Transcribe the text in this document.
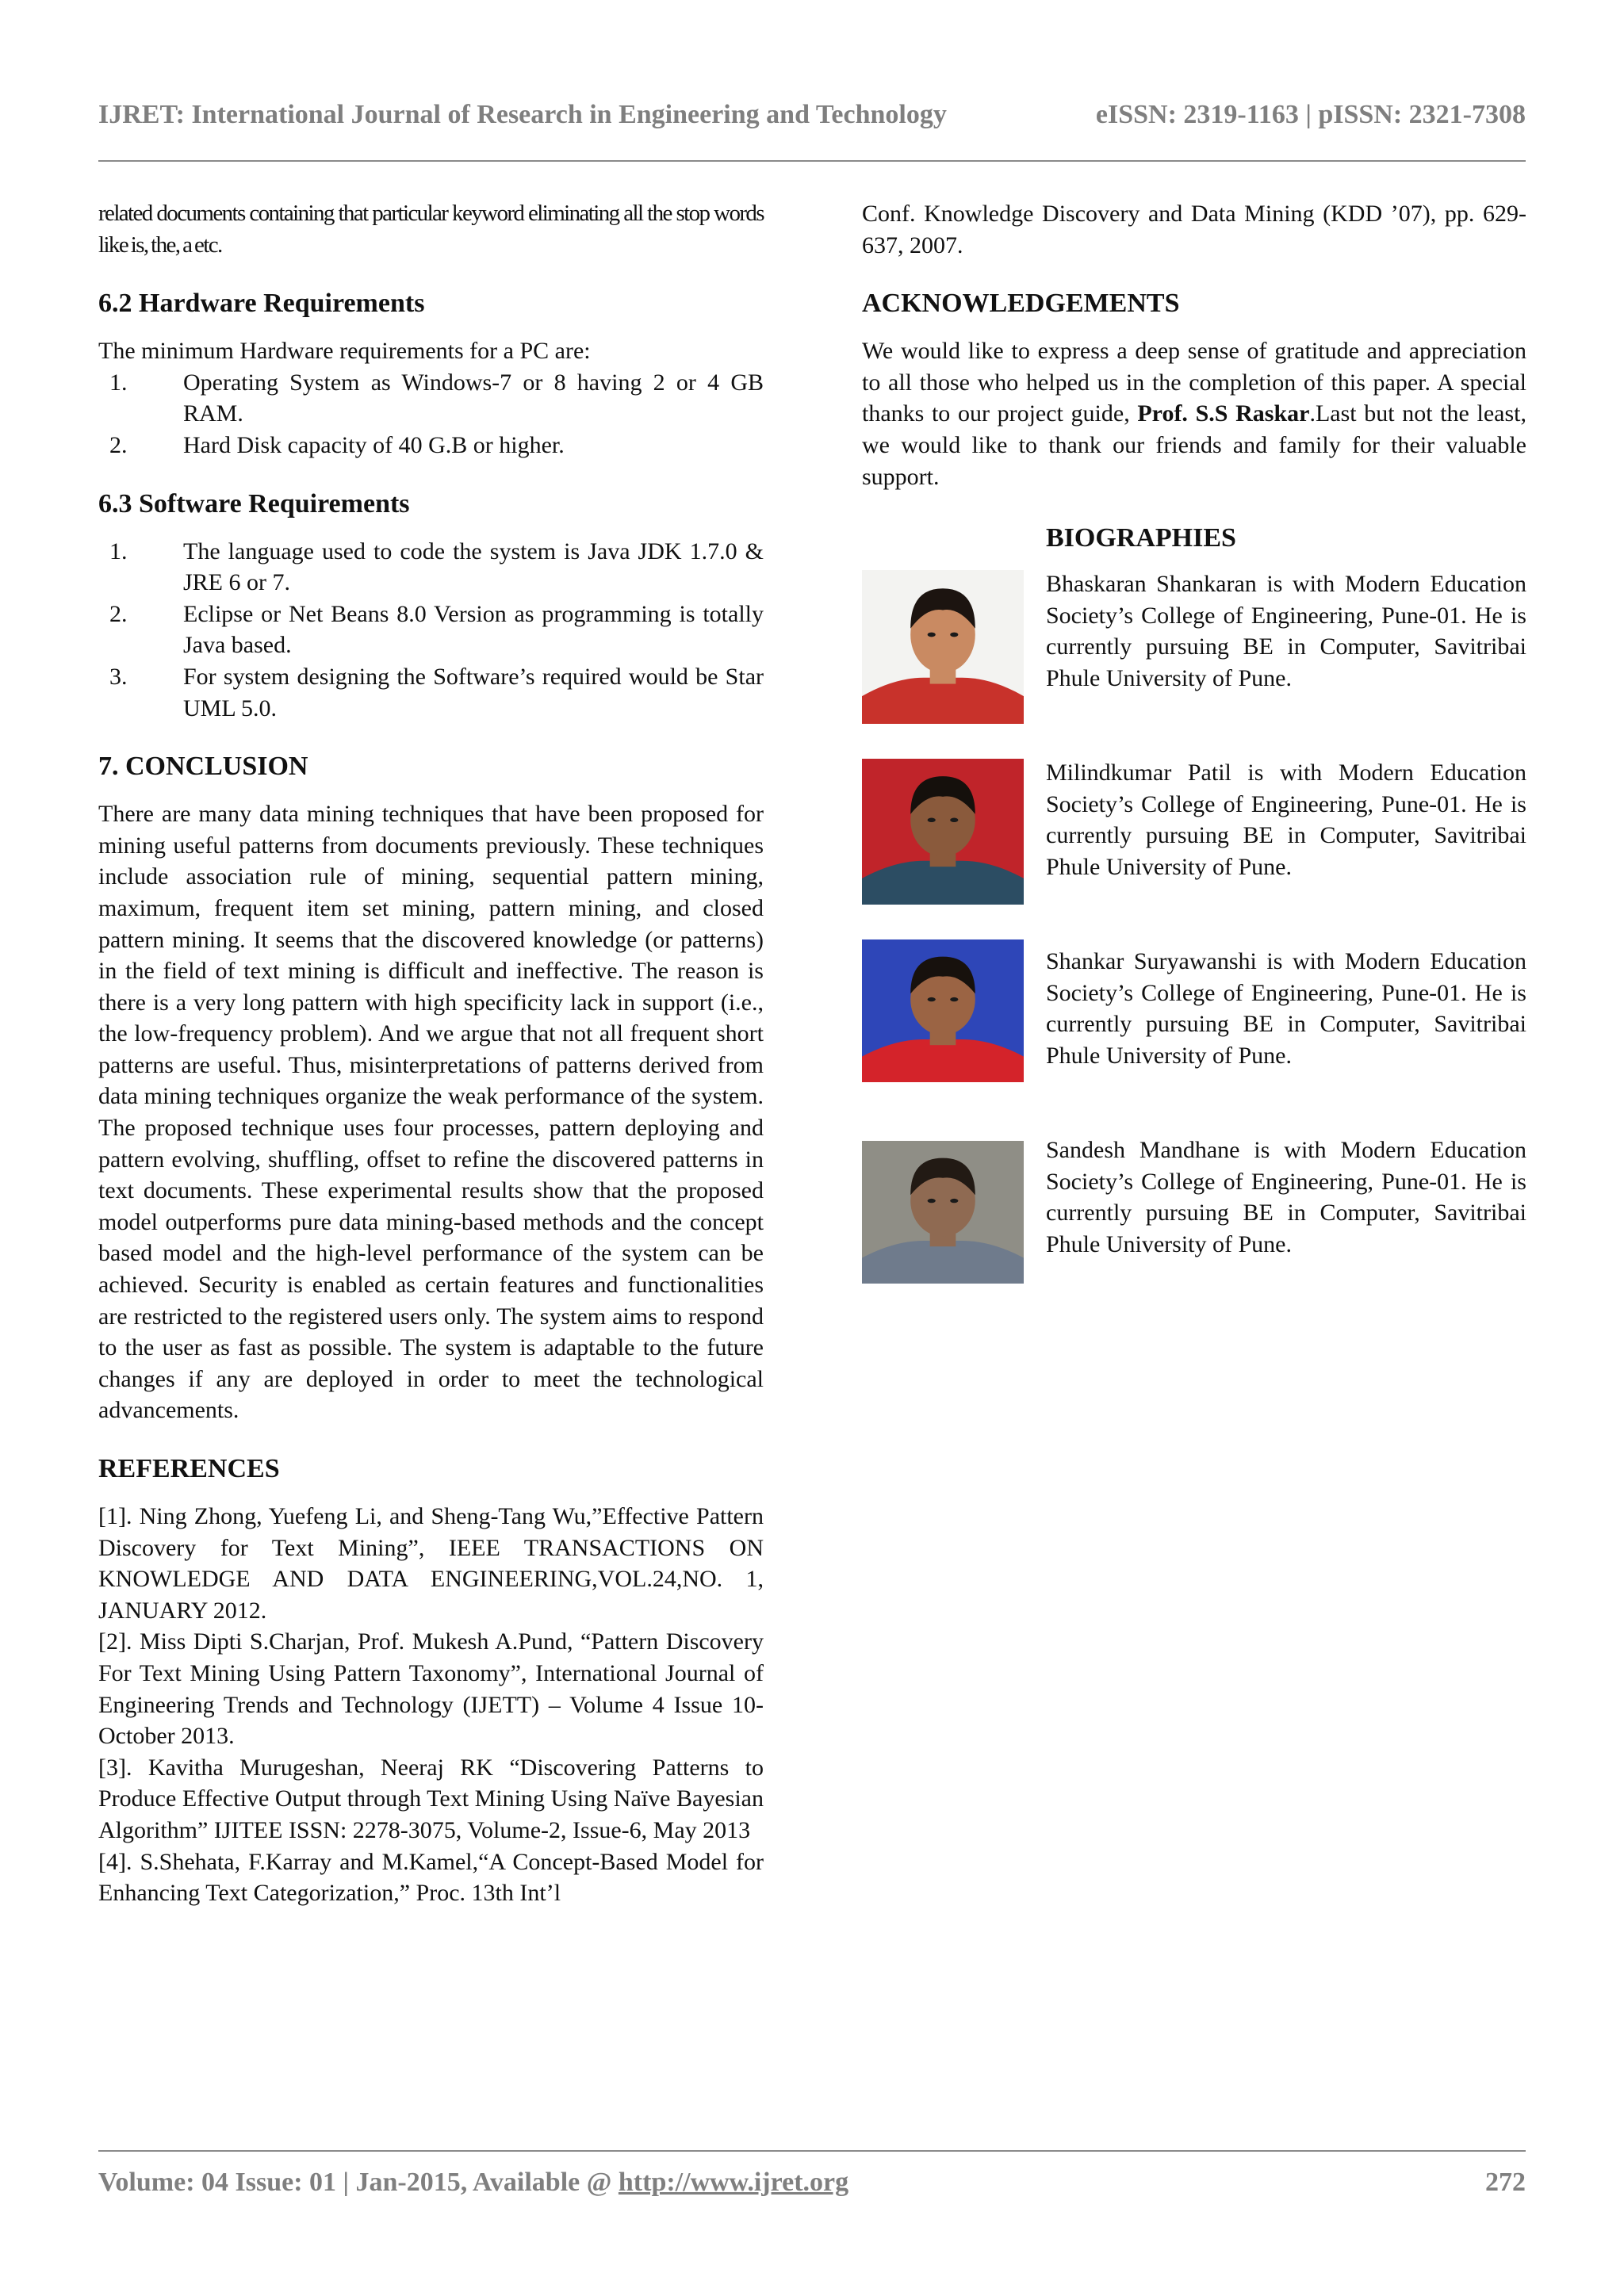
IJRET: International Journal of Research in Engineering and Technology	eISSN: 2319-1163 | pISSN: 2321-7308

related documents containing that particular keyword eliminating all the stop words like is, the, a etc.

6.2 Hardware Requirements

The minimum Hardware requirements for a PC are:

1. Operating System as Windows-7 or 8 having 2 or 4 GB RAM.
2. Hard Disk capacity of 40 G.B or higher.

6.3 Software Requirements

1. The language used to code the system is Java JDK 1.7.0 & JRE 6 or 7.
2. Eclipse or Net Beans 8.0 Version as programming is totally Java based.
3. For system designing the Software’s required would be Star UML 5.0.

7. CONCLUSION

There are many data mining techniques that have been proposed for mining useful patterns from documents previously. These techniques include association rule of mining, sequential pattern mining, maximum, frequent item set mining, pattern mining, and closed pattern mining. It seems that the discovered knowledge (or patterns) in the field of text mining is difficult and ineffective. The reason is there is a very long pattern with high specificity lack in support (i.e., the low-frequency problem). And we argue that not all frequent short patterns are useful. Thus, misinterpretations of patterns derived from data mining techniques organize the weak performance of the system. The proposed technique uses four processes, pattern deploying and pattern evolving, shuffling, offset to refine the discovered patterns in text documents. These experimental results show that the proposed model outperforms pure data mining-based methods and the concept based model and the high-level performance of the system can be achieved. Security is enabled as certain features and functionalities are restricted to the registered users only. The system aims to respond to the user as fast as possible. The system is adaptable to the future changes if any are deployed in order to meet the technological advancements.

REFERENCES

[1]. Ning Zhong, Yuefeng Li, and Sheng-Tang Wu,”Effective Pattern Discovery for Text Mining”, IEEE TRANSACTIONS ON KNOWLEDGE AND DATA ENGINEERING,VOL.24,NO. 1, JANUARY 2012.

[2]. Miss Dipti S.Charjan, Prof. Mukesh A.Pund, “Pattern Discovery For Text Mining Using Pattern Taxonomy”, International Journal of Engineering Trends and Technology (IJETT) – Volume 4 Issue 10- October 2013.

[3]. Kavitha Murugeshan, Neeraj RK “Discovering Patterns to Produce Effective Output through Text Mining Using Naïve Bayesian Algorithm” IJITEE ISSN: 2278-3075, Volume-2, Issue-6, May 2013

[4]. S.Shehata, F.Karray and M.Kamel,“A Concept-Based Model for Enhancing Text Categorization,” Proc. 13th Int’l

Conf. Knowledge Discovery and Data Mining (KDD ’07), pp. 629-637, 2007.

ACKNOWLEDGEMENTS

We would like to express a deep sense of gratitude and appreciation to all those who helped us in the completion of this paper. A special thanks to our project guide, Prof. S.S Raskar.Last but not the least, we would like to thank our friends and family for their valuable support.

BIOGRAPHIES

Bhaskaran Shankaran is with Modern Education Society’s College of Engineering, Pune-01. He is currently pursuing BE in Computer, Savitribai Phule University of Pune.
Milindkumar Patil is with Modern Education Society’s College of Engineering, Pune-01. He is currently pursuing BE in Computer, Savitribai Phule University of Pune.
Shankar Suryawanshi is with Modern Education Society’s College of Engineering, Pune-01. He is currently pursuing BE in Computer, Savitribai Phule University of Pune.
Sandesh Mandhane is with Modern Education Society’s College of Engineering, Pune-01. He is currently pursuing BE in Computer, Savitribai Phule University of Pune.
Volume: 04 Issue: 01 | Jan-2015, Available @ http://www.ijret.org	272
